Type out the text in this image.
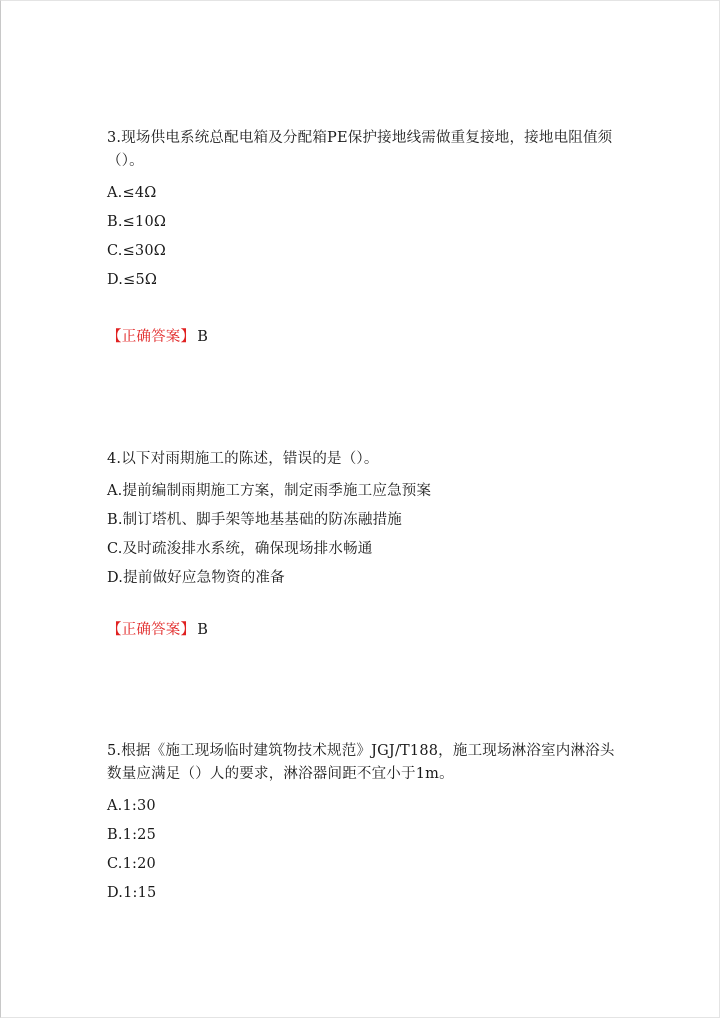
3.现场供电系统总配电箱及分配箱PE保护接地线需做重复接地，接地电阻值须（）。

A.≤4Ω

B.≤10Ω

C.≤30Ω

D.≤5Ω

【正确答案】 B

4.以下对雨期施工的陈述，错误的是（）。

A.提前编制雨期施工方案，制定雨季施工应急预案

B.制订塔机、脚手架等地基基础的防冻融措施

C.及时疏浚排水系统，确保现场排水畅通

D.提前做好应急物资的准备

【正确答案】 B

5.根据《施工现场临时建筑物技术规范》JGJ/T188，施工现场淋浴室内淋浴头数量应满足（）人的要求，淋浴器间距不宜小于1m。

A.1:30

B.1:25

C.1:20

D.1:15
